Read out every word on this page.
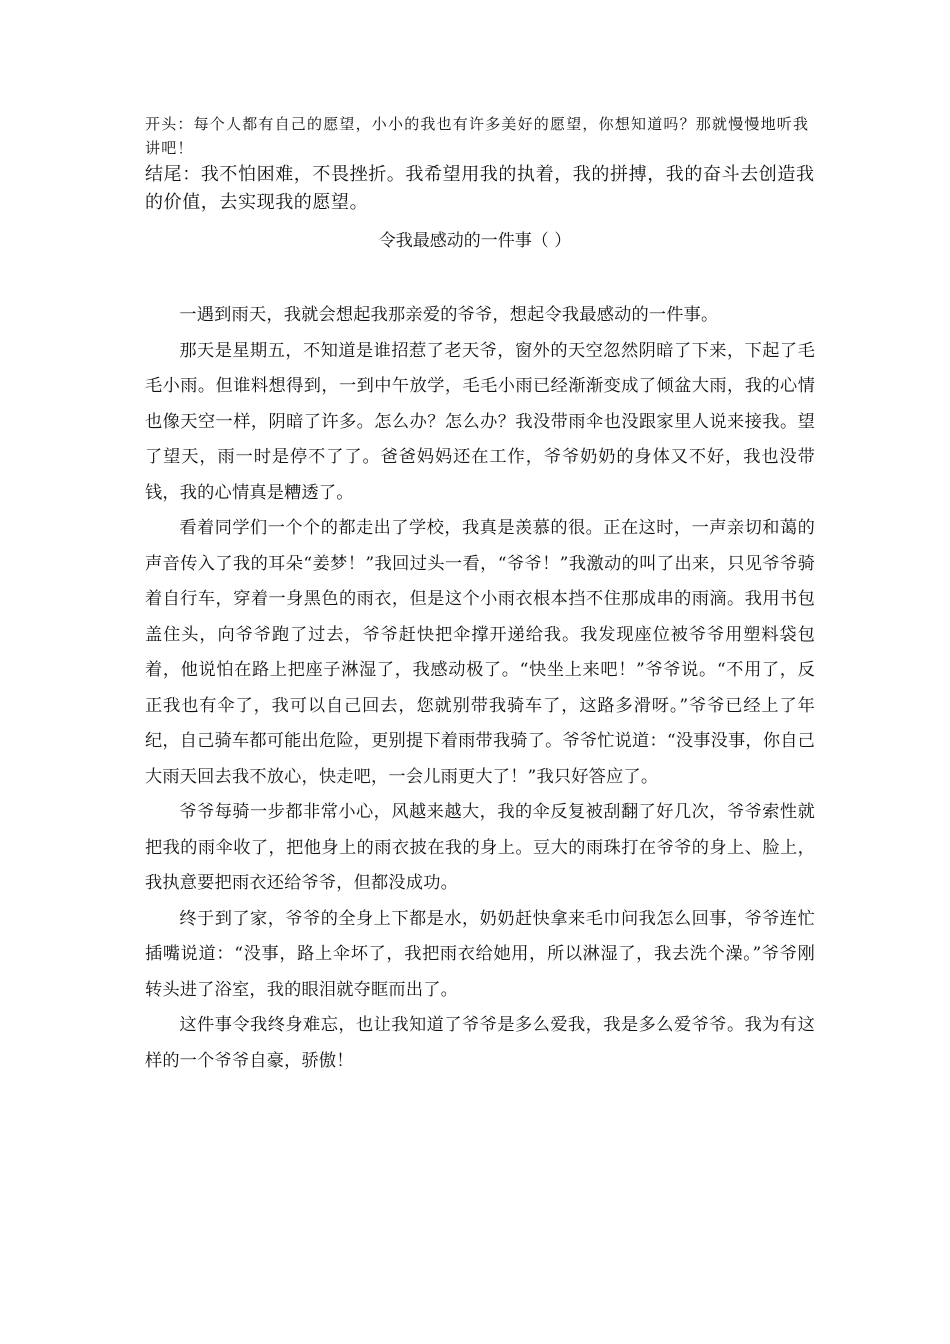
开头：每个人都有自己的愿望，小小的我也有许多美好的愿望，你想知道吗？那就慢慢地听我讲吧！

结尾：我不怕困难，不畏挫折。我希望用我的执着，我的拼搏，我的奋斗去创造我的价值，去实现我的愿望。

令我最感动的一件事（ ）

一遇到雨天，我就会想起我那亲爱的爷爷，想起令我最感动的一件事。

那天是星期五，不知道是谁招惹了老天爷，窗外的天空忽然阴暗了下来，下起了毛毛小雨。但谁料想得到，一到中午放学，毛毛小雨已经渐渐变成了倾盆大雨，我的心情也像天空一样，阴暗了许多。怎么办？怎么办？我没带雨伞也没跟家里人说来接我。望了望天，雨一时是停不了了。爸爸妈妈还在工作，爷爷奶奶的身体又不好，我也没带钱，我的心情真是糟透了。

看着同学们一个个的都走出了学校，我真是羡慕的很。正在这时，一声亲切和蔼的声音传入了我的耳朵“姜梦！”我回过头一看，“爷爷！”我激动的叫了出来，只见爷爷骑着自行车，穿着一身黑色的雨衣，但是这个小雨衣根本挡不住那成串的雨滴。我用书包盖住头，向爷爷跑了过去，爷爷赶快把伞撑开递给我。我发现座位被爷爷用塑料袋包着，他说怕在路上把座子淋湿了，我感动极了。“快坐上来吧！”爷爷说。“不用了，反正我也有伞了，我可以自己回去，您就别带我骑车了，这路多滑呀。”爷爷已经上了年纪，自己骑车都可能出危险，更别提下着雨带我骑了。爷爷忙说道：“没事没事，你自己大雨天回去我不放心，快走吧，一会儿雨更大了！”我只好答应了。

爷爷每骑一步都非常小心，风越来越大，我的伞反复被刮翻了好几次，爷爷索性就把我的雨伞收了，把他身上的雨衣披在我的身上。豆大的雨珠打在爷爷的身上、脸上，我执意要把雨衣还给爷爷，但都没成功。

终于到了家，爷爷的全身上下都是水，奶奶赶快拿来毛巾问我怎么回事，爷爷连忙插嘴说道：“没事，路上伞坏了，我把雨衣给她用，所以淋湿了，我去洗个澡。”爷爷刚转头进了浴室，我的眼泪就夺眶而出了。

这件事令我终身难忘，也让我知道了爷爷是多么爱我，我是多么爱爷爷。我为有这样的一个爷爷自豪，骄傲！
